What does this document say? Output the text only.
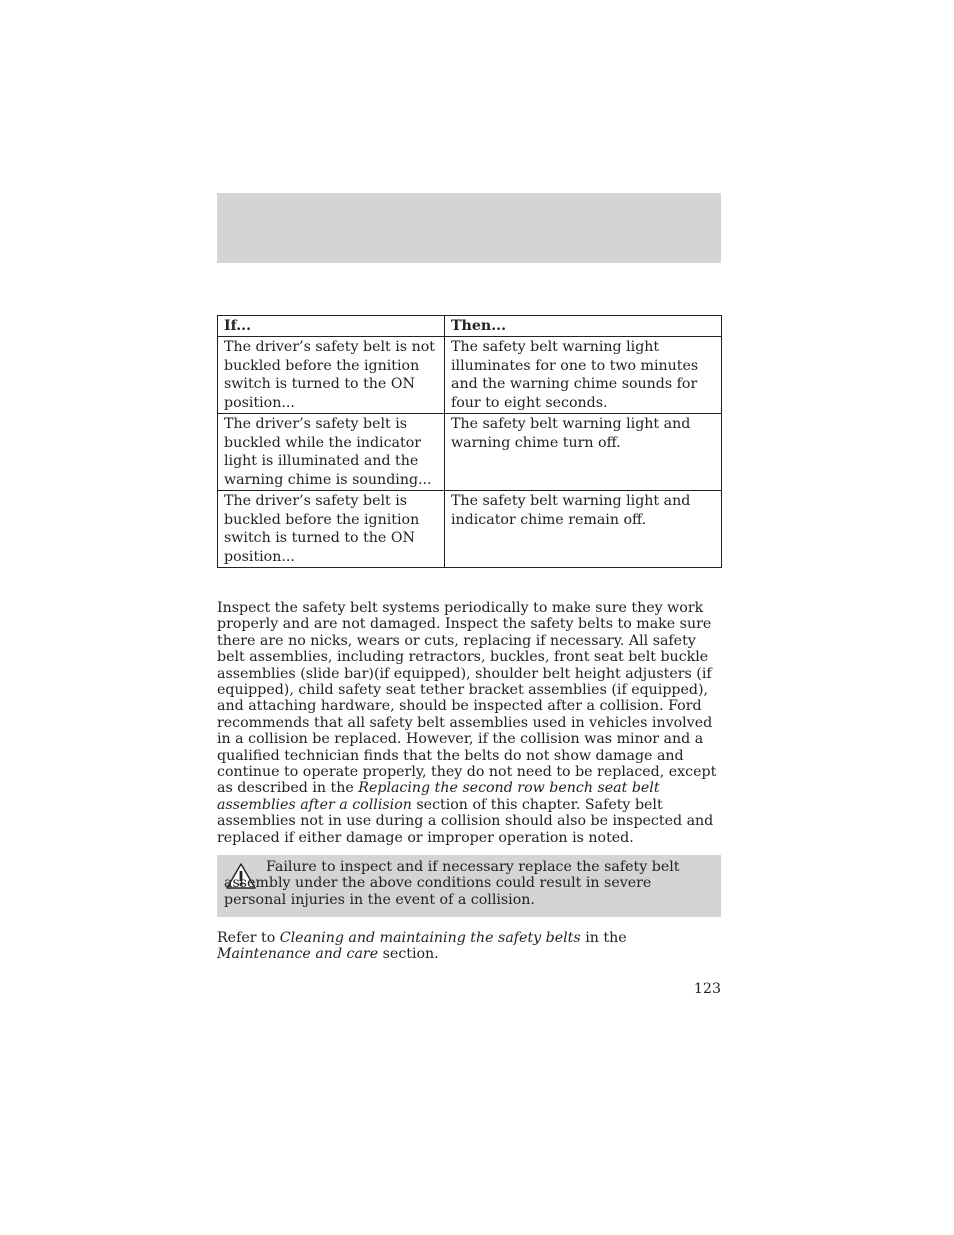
If...	Then...
The driver’s safety belt is not buckled before the ignition switch is turned to the ON position...	The safety belt warning light illuminates for one to two minutes and the warning chime sounds for four to eight seconds.
The driver’s safety belt is buckled while the indicator light is illuminated and the warning chime is sounding...	The safety belt warning light and warning chime turn off.
The driver’s safety belt is buckled before the ignition switch is turned to the ON position...	The safety belt warning light and indicator chime remain off.

Inspect the safety belt systems periodically to make sure they work properly and are not damaged. Inspect the safety belts to make sure there are no nicks, wears or cuts, replacing if necessary. All safety belt assemblies, including retractors, buckles, front seat belt buckle assemblies (slide bar)(if equipped), shoulder belt height adjusters (if equipped), child safety seat tether bracket assemblies (if equipped), and attaching hardware, should be inspected after a collision. Ford recommends that all safety belt assemblies used in vehicles involved in a collision be replaced. However, if the collision was minor and a qualified technician finds that the belts do not show damage and continue to operate properly, they do not need to be replaced, except as described in the Replacing the second row bench seat belt assemblies after a collision section of this chapter. Safety belt assemblies not in use during a collision should also be inspected and replaced if either damage or improper operation is noted.

Failure to inspect and if necessary replace the safety belt assembly under the above conditions could result in severe personal injuries in the event of a collision.

Refer to Cleaning and maintaining the safety belts in the
Maintenance and care section.

123
